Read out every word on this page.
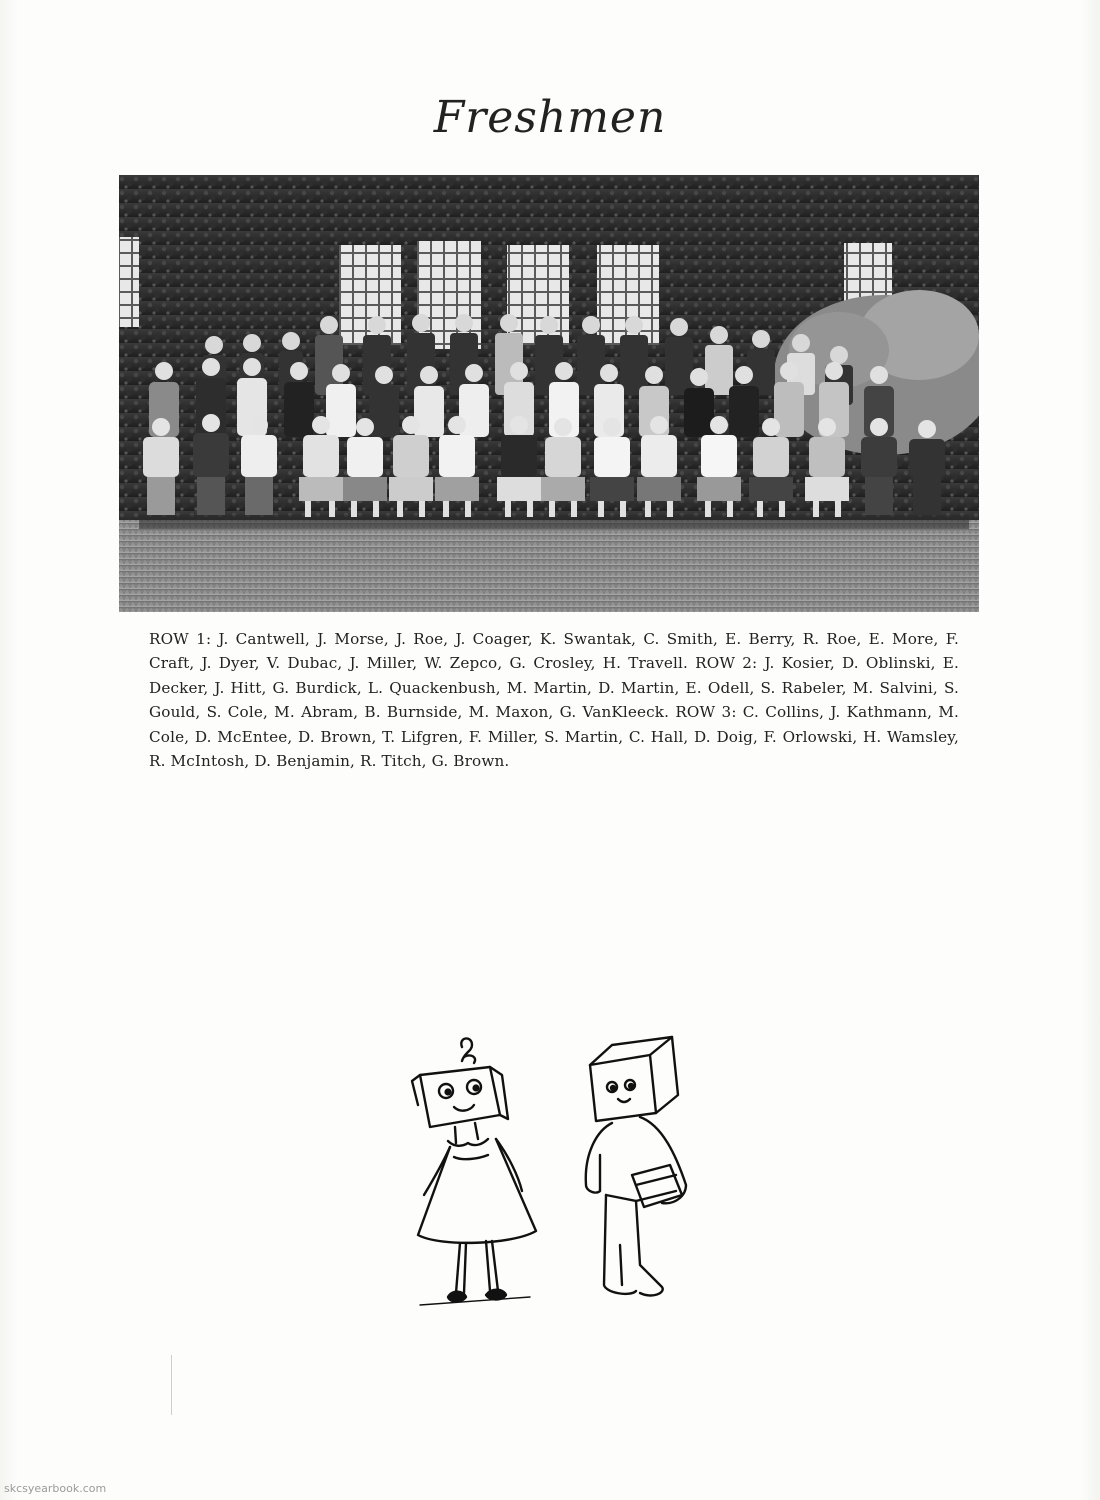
Freshmen
ROW 1: J. Cantwell, J. Morse, J. Roe, J. Coager, K. Swantak, C. Smith, E. Berry, R. Roe, E. More, F. Craft, J. Dyer, V. Dubac, J. Miller, W. Zepco, G. Crosley, H. Travell. ROW 2: J. Kosier, D. Oblinski, E. Decker, J. Hitt, G. Burdick, L. Quackenbush, M. Martin, D. Martin, E. Odell, S. Rabeler, M. Salvini, S. Gould, S. Cole, M. Abram, B. Burnside, M. Maxon, G. VanKleeck. ROW 3: C. Collins, J. Kathmann, M. Cole, D. McEntee, D. Brown, T. Lifgren, F. Miller, S. Martin, C. Hall, D. Doig, F. Orlowski, H. Wamsley, R. McIntosh, D. Benjamin, R. Titch, G. Brown.
skcsyearbook.com
